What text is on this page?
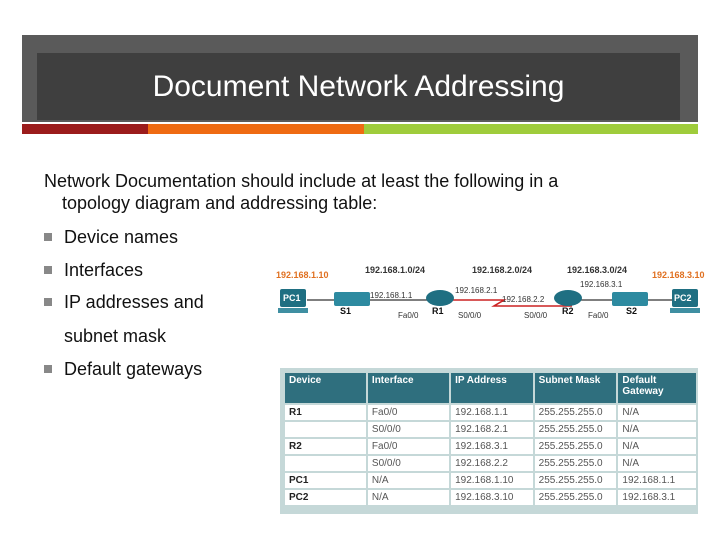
Document Network Addressing
Network Documentation should include at least the following in a
topology diagram and addressing table:
Device names
Interfaces
IP addresses and
subnet mask
Default gateways
192.168.1.10	192.168.1.0/24	192.168.2.0/24	192.168.3.0/24	192.168.3.10
192.168.2.1
192.168.3.1
PC1
S1
192.168.1.1
R1
Fa0/0	S0/0/0
192.168.2.2
R2
S0/0/0	Fa0/0 S2
PC2
Device	Interface	IP Address	Subnet Mask	Default Gateway
R1	Fa0/0	192.168.1.1	255.255.255.0	N/A
	S0/0/0	192.168.2.1	255.255.255.0	N/A
R2	Fa0/0	192.168.3.1	255.255.255.0	N/A
	S0/0/0	192.168.2.2	255.255.255.0	N/A
PC1	N/A	192.168.1.10	255.255.255.0	192.168.1.1
PC2	N/A	192.168.3.10	255.255.255.0	192.168.3.1
